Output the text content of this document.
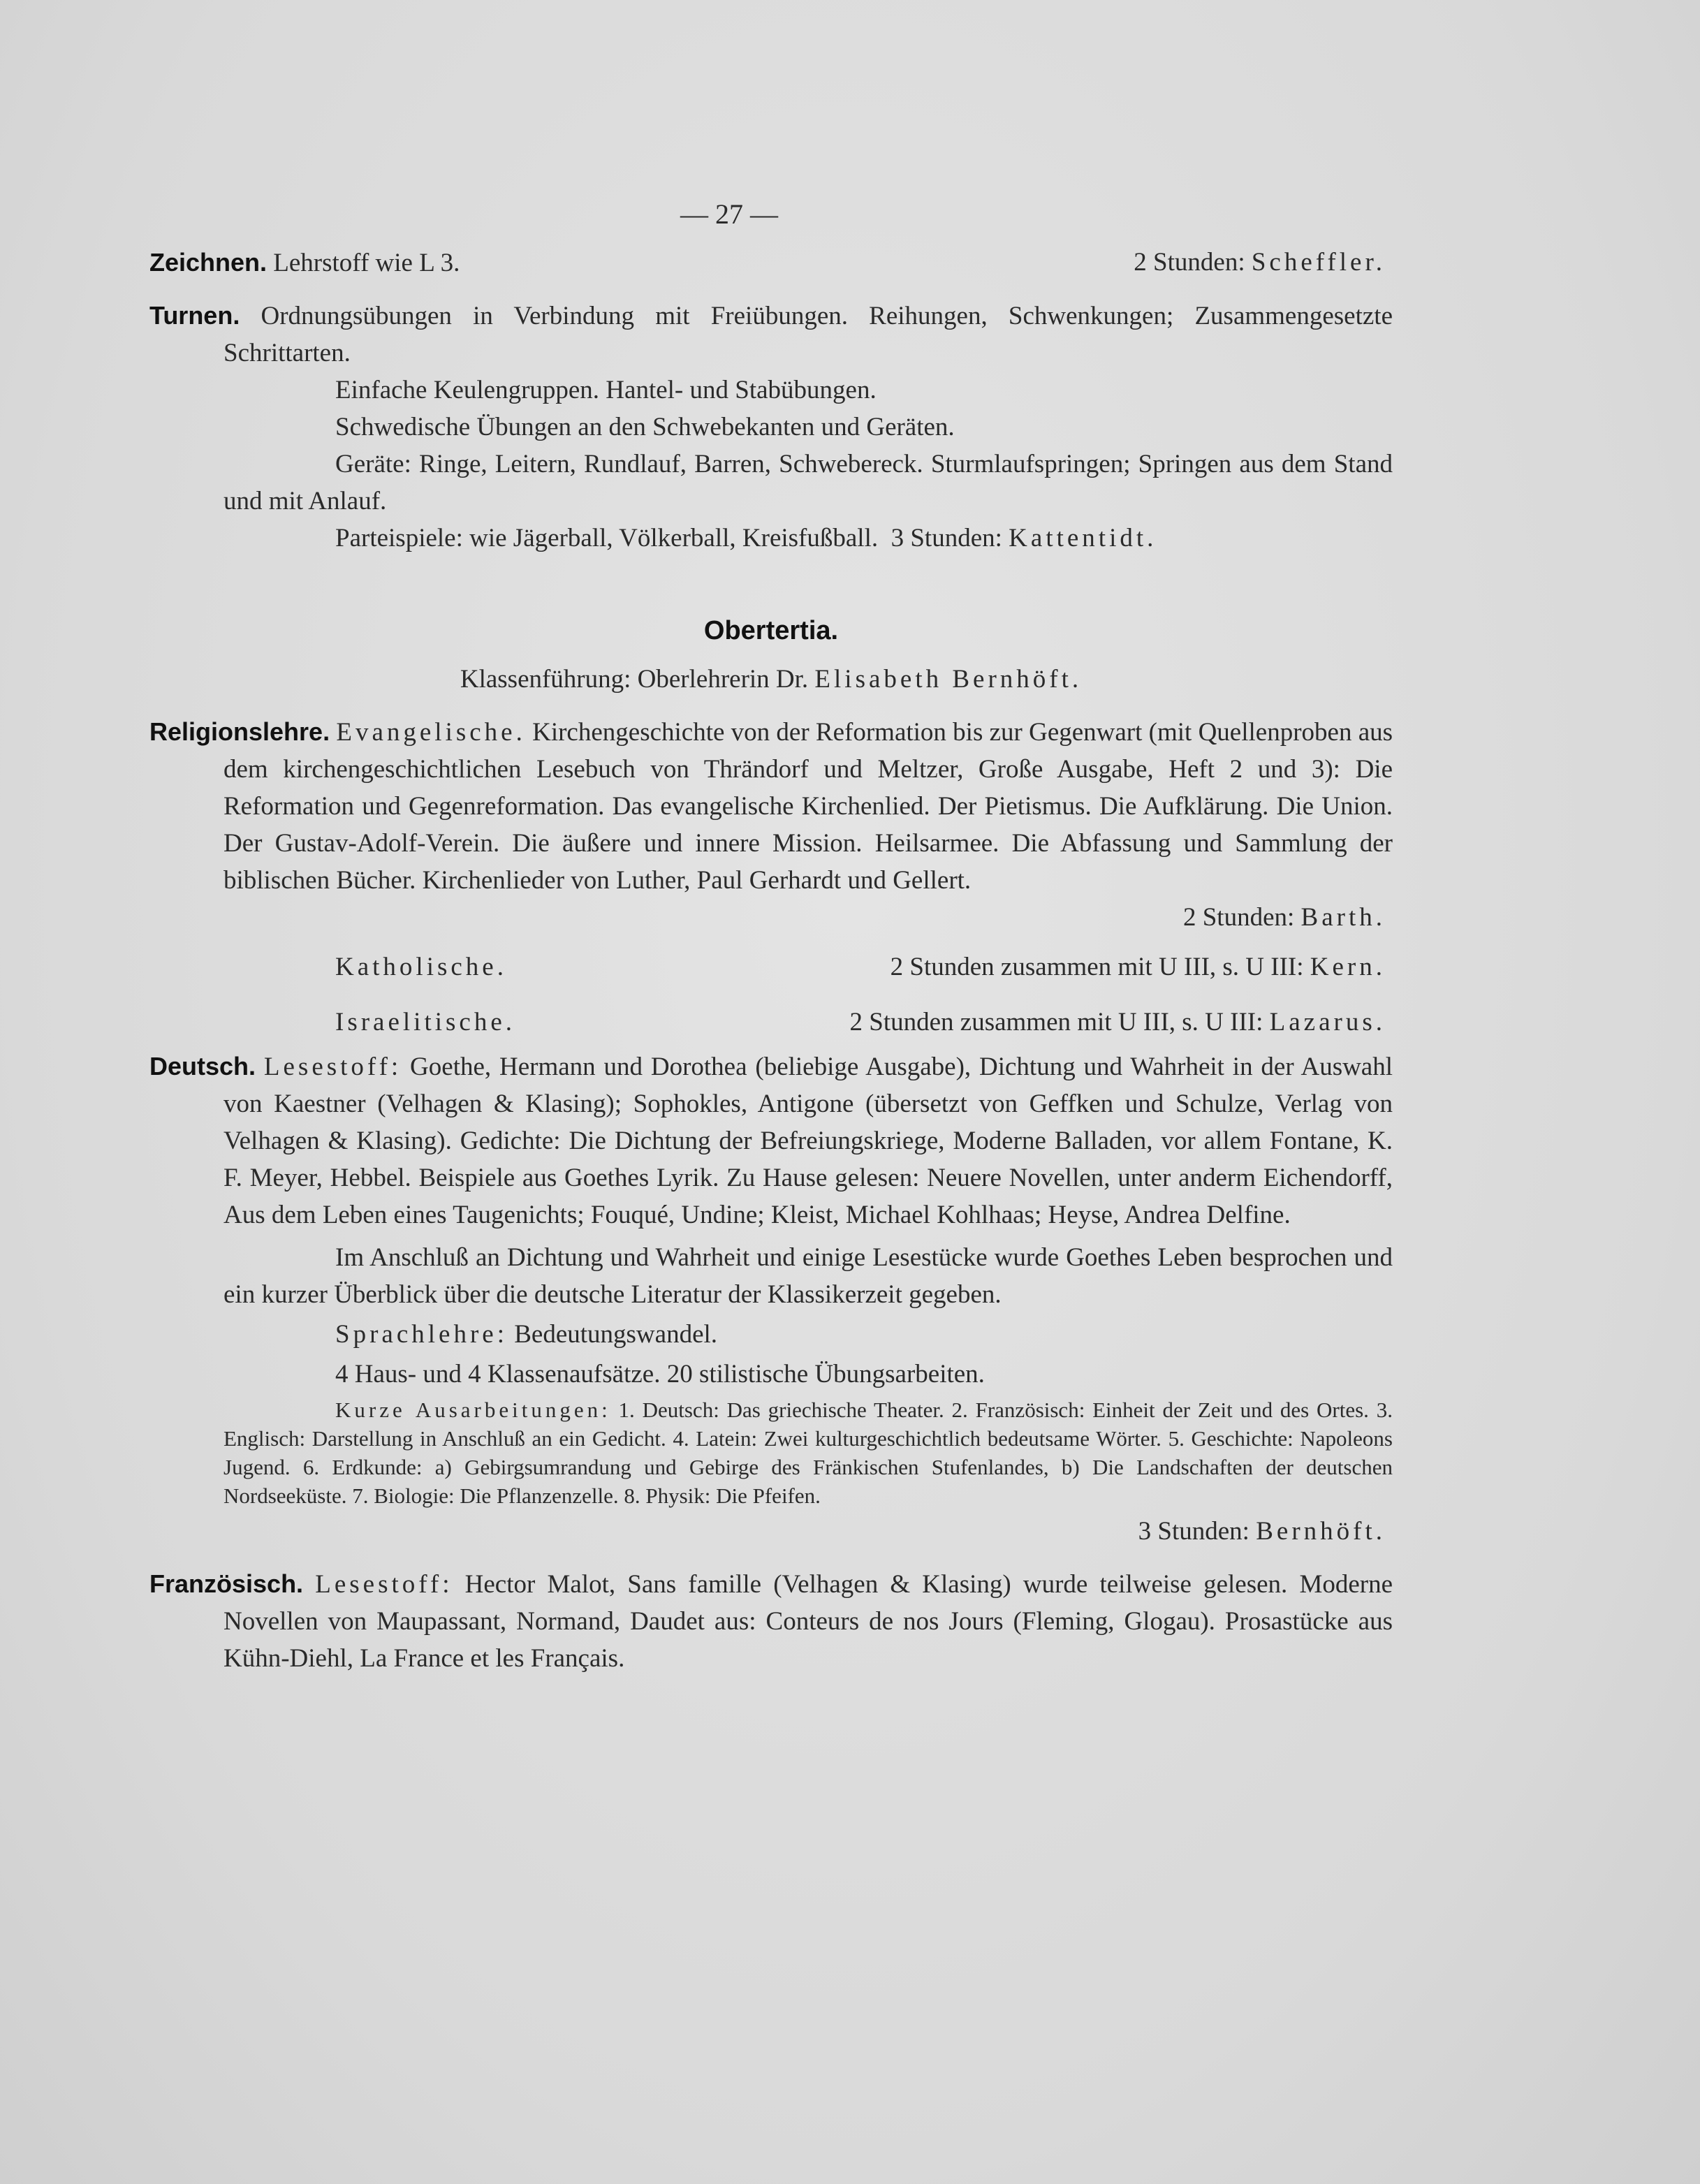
— 27 —
Zeichnen. Lehrstoff wie L 3.	2 Stunden: Scheffler.

Turnen. Ordnungsübungen in Verbindung mit Freiübungen. Reihungen, Schwenkungen; Zusammengesetzte Schrittarten.

Einfache Keulengruppen. Hantel- und Stabübungen.

Schwedische Übungen an den Schwebekanten und Geräten.

Geräte: Ringe, Leitern, Rundlauf, Barren, Schwebereck. Sturmlaufspringen; Springen aus dem Stand und mit Anlauf.

Parteispiele: wie Jägerball, Völkerball, Kreisfußball. 3 Stunden: Kattentidt.

Obertertia.

Klassenführung: Oberlehrerin Dr. Elisabeth Bernhöft.

Religionslehre. Evangelische. Kirchengeschichte von der Reformation bis zur Gegenwart (mit Quellenproben aus dem kirchengeschichtlichen Lesebuch von Thrändorf und Meltzer, Große Ausgabe, Heft 2 und 3): Die Reformation und Gegenreformation. Das evangelische Kirchenlied. Der Pietismus. Die Aufklärung. Die Union. Der Gustav-Adolf-Verein. Die äußere und innere Mission. Heilsarmee. Die Abfassung und Sammlung der biblischen Bücher. Kirchenlieder von Luther, Paul Gerhardt und Gellert.

2 Stunden: Barth.
Katholische.	2 Stunden zusammen mit U III, s. U III: Kern.
Israelitische.	2 Stunden zusammen mit U III, s. U III: Lazarus.

Deutsch. Lesestoff: Goethe, Hermann und Dorothea (beliebige Ausgabe), Dichtung und Wahrheit in der Auswahl von Kaestner (Velhagen & Klasing); Sophokles, Antigone (übersetzt von Geffken und Schulze, Verlag von Velhagen & Klasing). Gedichte: Die Dichtung der Befreiungskriege, Moderne Balladen, vor allem Fontane, K. F. Meyer, Hebbel. Beispiele aus Goethes Lyrik. Zu Hause gelesen: Neuere Novellen, unter anderm Eichendorff, Aus dem Leben eines Taugenichts; Fouqué, Undine; Kleist, Michael Kohlhaas; Heyse, Andrea Delfine.

Im Anschluß an Dichtung und Wahrheit und einige Lesestücke wurde Goethes Leben besprochen und ein kurzer Überblick über die deutsche Literatur der Klassikerzeit gegeben.

Sprachlehre: Bedeutungswandel.

4 Haus- und 4 Klassenaufsätze. 20 stilistische Übungsarbeiten.

Kurze Ausarbeitungen: 1. Deutsch: Das griechische Theater. 2. Französisch: Einheit der Zeit und des Ortes. 3. Englisch: Darstellung in Anschluß an ein Gedicht. 4. Latein: Zwei kulturgeschichtlich bedeutsame Wörter. 5. Geschichte: Napoleons Jugend. 6. Erdkunde: a) Gebirgsumrandung und Gebirge des Fränkischen Stufenlandes, b) Die Landschaften der deutschen Nordseeküste. 7. Biologie: Die Pflanzenzelle. 8. Physik: Die Pfeifen.

3 Stunden: Bernhöft.

Französisch. Lesestoff: Hector Malot, Sans famille (Velhagen & Klasing) wurde teilweise gelesen. Moderne Novellen von Maupassant, Normand, Daudet aus: Conteurs de nos Jours (Fleming, Glogau). Prosastücke aus Kühn-Diehl, La France et les Français.
